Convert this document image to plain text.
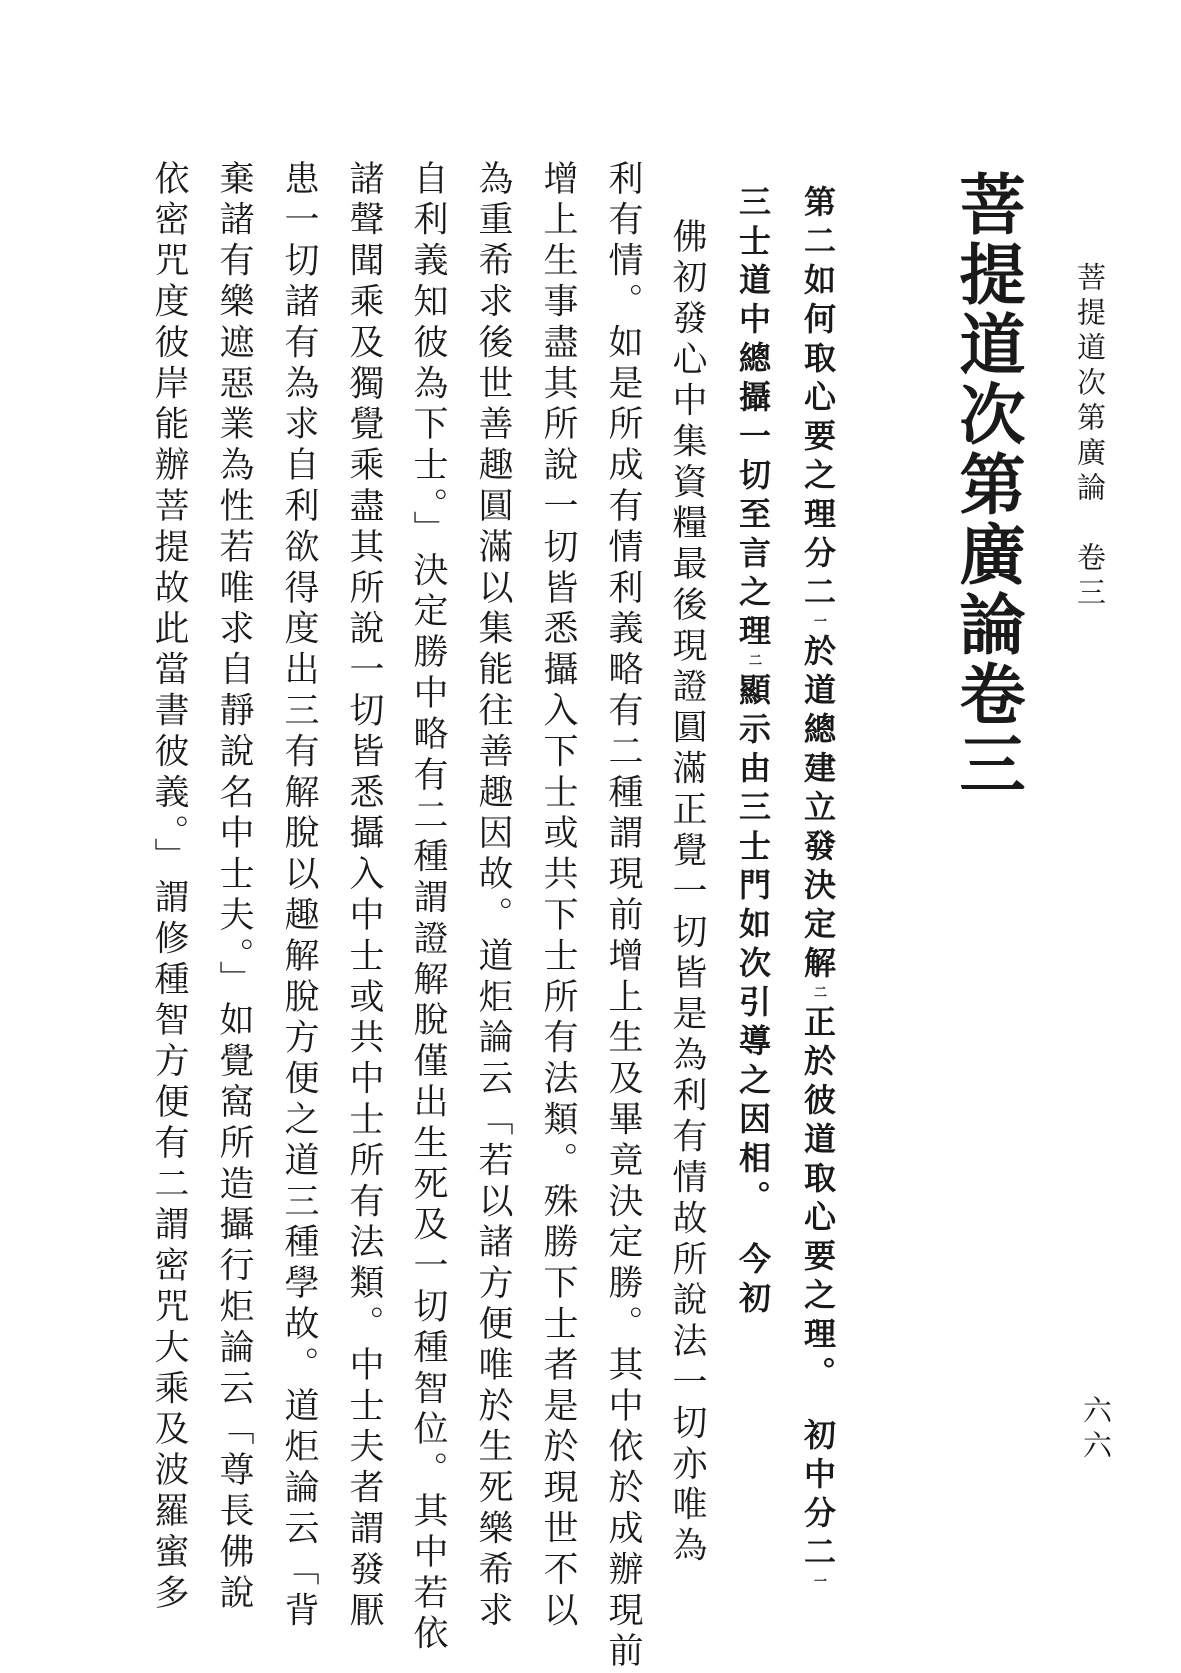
菩提道次第廣論　卷三
六六
菩提道次第廣論卷三
第二如何取心要之理分二一於道總建立發決定解二正於彼道取心要之理。　初中分二一
三士道中總攝一切至言之理二顯示由三士門如次引導之因相。　今初
佛初發心中集資糧最後現證圓滿正覺一切皆是為利有情故所說法一切亦唯為
利有情。如是所成有情利義略有二種謂現前增上生及畢竟決定勝。其中依於成辦現前
增上生事盡其所說一切皆悉攝入下士或共下士所有法類。殊勝下士者是於現世不以
為重希求後世善趣圓滿以集能往善趣因故。道炬論云「若以諸方便唯於生死樂希求
自利義知彼為下士。」決定勝中略有二種謂證解脫僅出生死及一切種智位。其中若依
諸聲聞乘及獨覺乘盡其所說一切皆悉攝入中士或共中士所有法類。中士夫者謂發厭
患一切諸有為求自利欲得度出三有解脫以趣解脫方便之道三種學故。道炬論云「背
棄諸有樂遮惡業為性若唯求自靜說名中士夫。」如覺窩所造攝行炬論云「尊長佛說
依密咒度彼岸能辦菩提故此當書彼義。」謂修種智方便有二謂密咒大乘及波羅蜜多
